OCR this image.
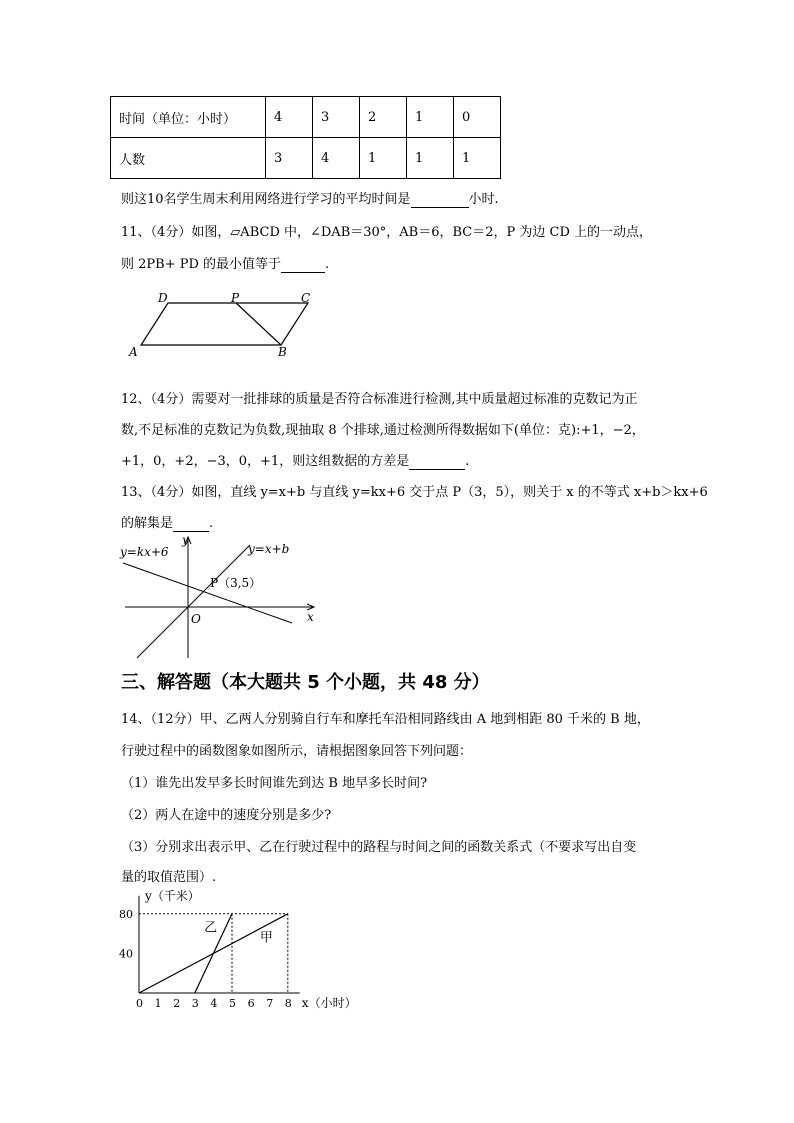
时间（单位：小时）	4	3	2	1	0
人数	3	4	1	1	1
则这10名学生周末利用网络进行学习的平均时间是	小时.
11、（4分）如图，▱ABCD 中，∠DAB＝30°，AB＝6，BC＝2，P 为边 CD 上的一动点，
则 2PB+ PD 的最小值等于	.
D	P	C
A	B
12、（4分）需要对一批排球的质量是否符合标准进行检测,其中质量超过标准的克数记为正
数,不足标准的克数记为负数,现抽取 8 个排球,通过检测所得数据如下(单位：克):+1，−2，
+1，0，+2，−3，0，+1，则这组数据的方差是	.
13、（4分）如图，直线 y=x+b 与直线 y=kx+6 交于点 P（3，5），则关于 x 的不等式 x+b＞kx+6
的解集是	.
y
x
O
y=kx+6	y=x+b
P（3,5）
三、解答题（本大题共 5 个小题，共 48 分）
14、（12分）甲、乙两人分别骑自行车和摩托车沿相同路线由 A 地到相距 80 千米的 B 地，
行驶过程中的函数图象如图所示，请根据图象回答下列问题：
（1）谁先出发早多长时间谁先到达 B 地早多长时间?
（2）两人在途中的速度分别是多少?
（3）分别求出表示甲、乙在行驶过程中的路程与时间之间的函数关系式（不要求写出自变
量的取值范围）.
0 1 2 3 4 5 6 7 8
40
80
甲
乙
x（小时）
y（千米）
